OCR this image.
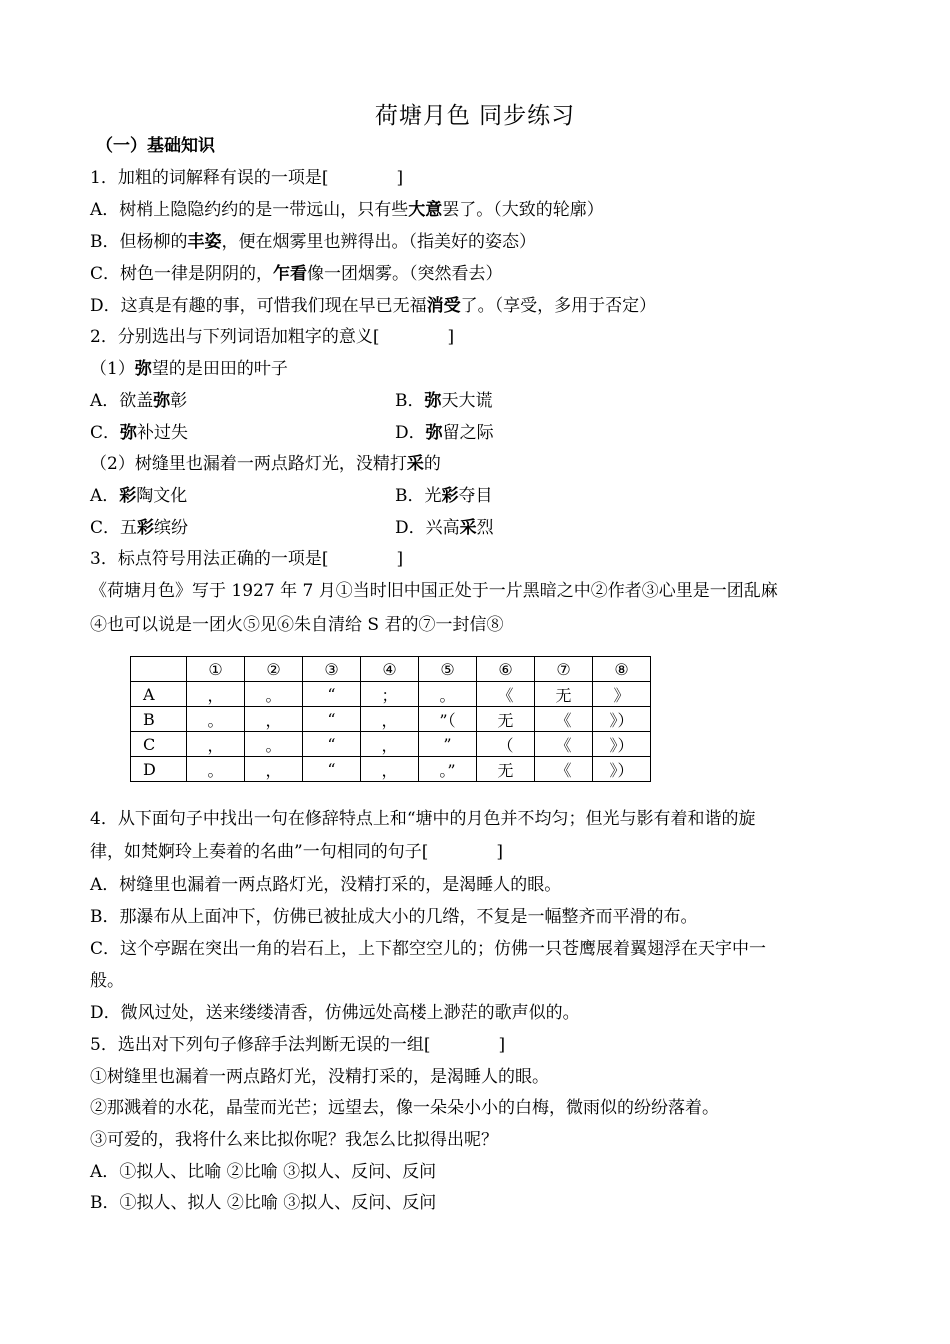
荷塘月色 同步练习
（一）基础知识
1．加粗的词解释有误的一项是[　　　　]
A．树梢上隐隐约约的是一带远山，只有些大意罢了。（大致的轮廓）
B．但杨柳的丰姿，便在烟雾里也辨得出。（指美好的姿态）
C．树色一律是阴阴的，乍看像一团烟雾。（突然看去）
D．这真是有趣的事，可惜我们现在早已无福消受了。（享受，多用于否定）
2．分别选出与下列词语加粗字的意义[　　　　]
（1）弥望的是田田的叶子
A．欲盖弥彰	B．弥天大谎
C．弥补过失	D．弥留之际
（2）树缝里也漏着一两点路灯光，没精打采的
A．彩陶文化	B．光彩夺目
C．五彩缤纷	D．兴高采烈
3．标点符号用法正确的一项是[　　　　]
《荷塘月色》写于 1927 年 7 月①当时旧中国正处于一片黑暗之中②作者③心里是一团乱麻
④也可以说是一团火⑤见⑥朱自清给 S 君的⑦一封信⑧
	①	②	③	④	⑤	⑥	⑦	⑧
A	，	。	“	；	。	《	无	》
B	。	，	“	，	”（	无	《	》）
C	，	。	“	，	”	（	《	》）
D	。	，	“	，	。”	无	《	》）
4．从下面句子中找出一句在修辞特点上和“塘中的月色并不均匀；但光与影有着和谐的旋
律，如梵婀玲上奏着的名曲”一句相同的句子[　　　　]
A．树缝里也漏着一两点路灯光，没精打采的，是渴睡人的眼。
B．那瀑布从上面冲下，仿佛已被扯成大小的几绺，不复是一幅整齐而平滑的布。
C．这个亭踞在突出一角的岩石上，上下都空空儿的；仿佛一只苍鹰展着翼翅浮在天宇中一
般。
D．微风过处，送来缕缕清香，仿佛远处高楼上渺茫的歌声似的。
5．选出对下列句子修辞手法判断无误的一组[　　　　]
①树缝里也漏着一两点路灯光，没精打采的，是渴睡人的眼。
②那溅着的水花，晶莹而光芒；远望去，像一朵朵小小的白梅，微雨似的纷纷落着。
③可爱的，我将什么来比拟你呢？我怎么比拟得出呢？
A．①拟人、比喻 ②比喻 ③拟人、反问、反问
B．①拟人、拟人 ②比喻 ③拟人、反问、反问
